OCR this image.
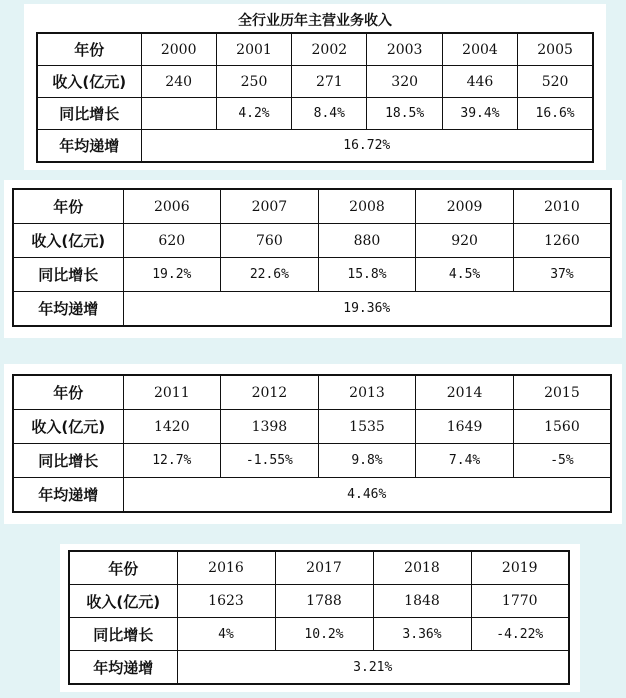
全行业历年主营业务收入
年份	2000	2001	2002	2003	2004	2005
收入(亿元)	240	250	271	320	446	520
同比增长		4.2%	8.4%	18.5%	39.4%	16.6%
年均递增	16.72%					
年份	2006	2007	2008	2009	2010
收入(亿元)	620	760	880	920	1260
同比增长	19.2%	22.6%	15.8%	4.5%	37%
年均递增	19.36%				
年份	2011	2012	2013	2014	2015
收入(亿元)	1420	1398	1535	1649	1560
同比增长	12.7%	-1.55%	9.8%	7.4%	-5%
年均递增	4.46%				
年份	2016	2017	2018	2019
收入(亿元)	1623	1788	1848	1770
同比增长	4%	10.2%	3.36%	-4.22%
年均递增	3.21%			
